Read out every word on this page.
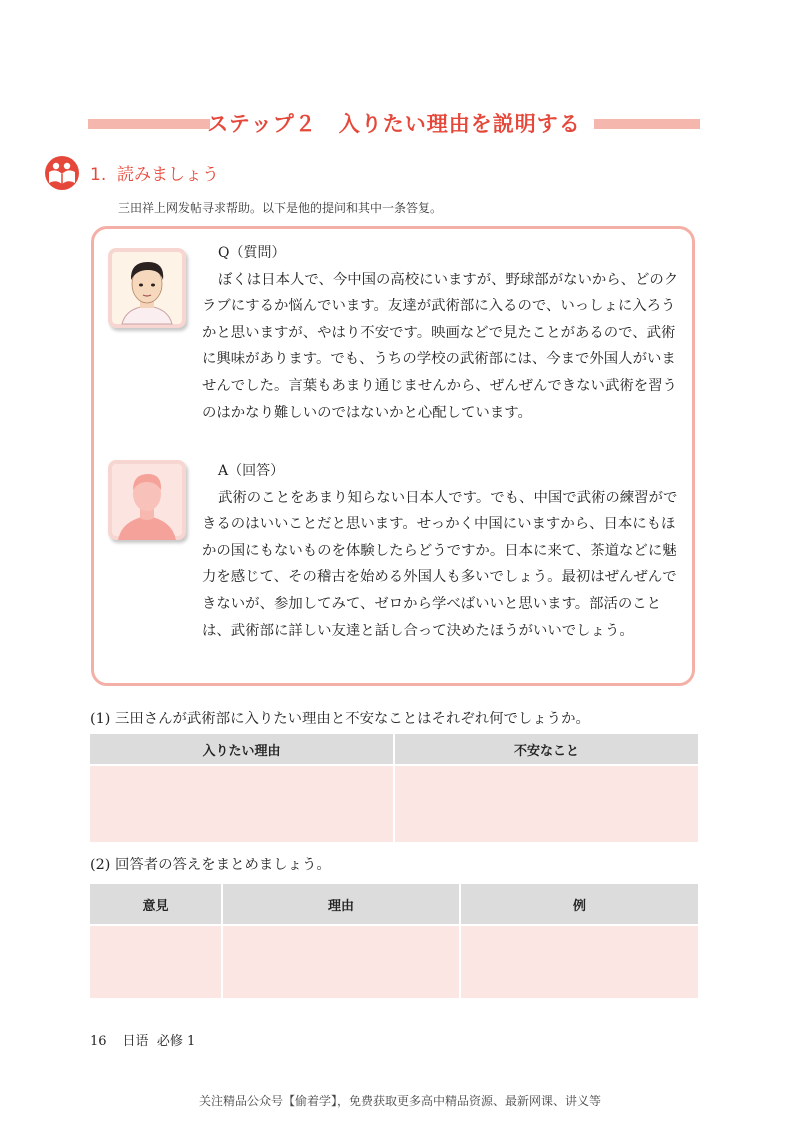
ステップ２　入りたい理由を説明する
1. 読みましょう
三田祥上网发帖寻求帮助。以下是他的提问和其中一条答复。
Q（質問）
ぼくは日本人で、今中国の高校にいますが、野球部がないから、どのクラブにするか悩んでいます。友達が武術部に入るので、いっしょに入ろうかと思いますが、やはり不安です。映画などで見たことがあるので、武術に興味があります。でも、うちの学校の武術部には、今まで外国人がいませんでした。言葉もあまり通じませんから、ぜんぜんできない武術を習うのはかなり難しいのではないかと心配しています。
A（回答）
武術のことをあまり知らない日本人です。でも、中国で武術の練習ができるのはいいことだと思います。せっかく中国にいますから、日本にもほかの国にもないものを体験したらどうですか。日本に来て、茶道などに魅力を感じて、その稽古を始める外国人も多いでしょう。最初はぜんぜんできないが、参加してみて、ゼロから学べばいいと思います。部活のことは、武術部に詳しい友達と話し合って決めたほうがいいでしょう。
(1) 三田さんが武術部に入りたい理由と不安なことはそれぞれ何でしょうか。
入りたい理由	不安なこと

(2) 回答者の答えをまとめましょう。
意見	理由	例

16 日语 必修 1
关注精品公众号【偷着学】，免费获取更多高中精品资源、最新网课、讲义等
